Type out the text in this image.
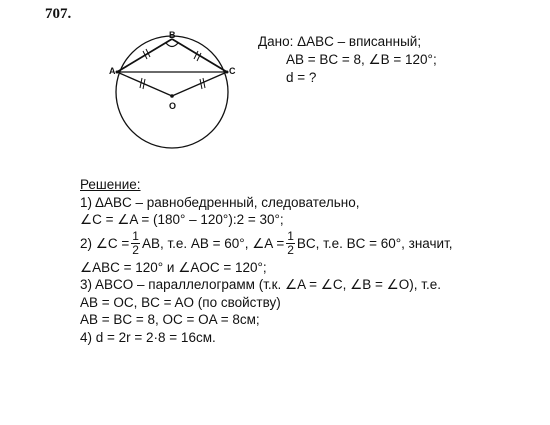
707.
B
A	C
O
Дано: ΔABC – вписанный;
AB = BC = 8, ∠B = 120°;
d = ?
Решение:
1) ΔABC – равнобедренный, следовательно,
∠C = ∠A = (180° – 120°):2 = 30°;
2) ∠C = $\frac{1}{2}$ AB, т.е. AB = 60°, ∠A = $\frac{1}{2}$ BC, т.е. BC = 60°, значит,
∠ABC = 120° и ∠AOC = 120°;
3) ABCO – параллелограмм (т.к. ∠A = ∠C, ∠B = ∠O), т.е.
AB = OC, BC = AO (по свойству)
AB = BC = 8, OC = OA = 8см;
4) d = 2r = 2·8 = 16см.
